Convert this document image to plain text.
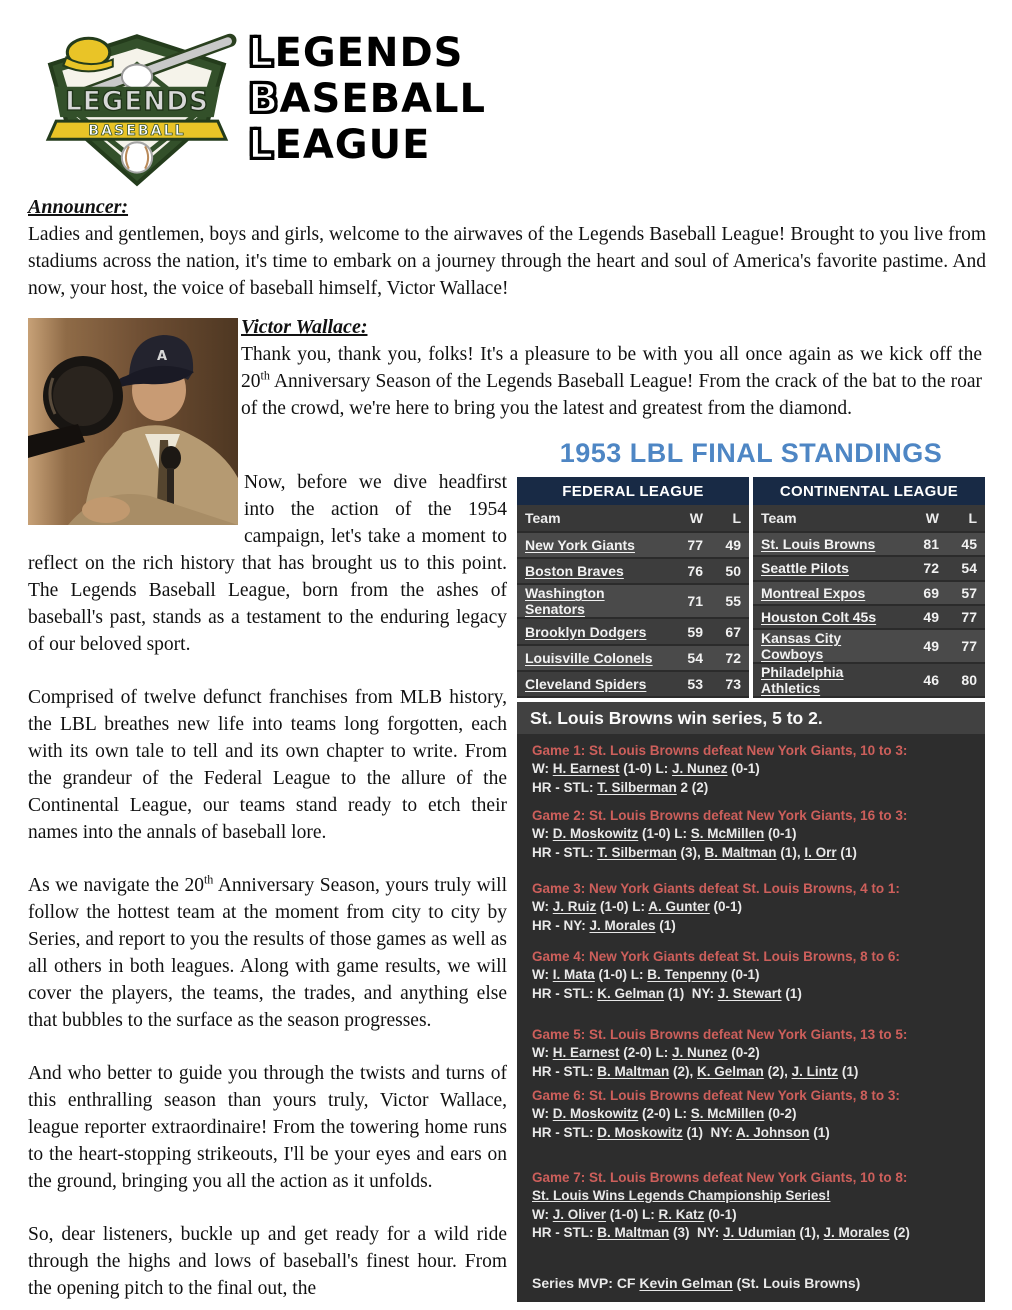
LEGENDS
BASEBALL
LEGENDS
BASEBALL
LEAGUE
Announcer:

Ladies and gentlemen, boys and girls, welcome to the airwaves of the Legends Baseball League! Brought to you live from stadiums across the nation, it's time to embark on a journey through the heart and soul of America's favorite pastime. And now, your host, the voice of baseball himself, Victor Wallace!

A
Victor Wallace:

Thank you, thank you, folks! It's a pleasure to be with you all once again as we kick off the 20th Anniversary Season of the Legends Baseball League! From the crack of the bat to the roar of the crowd, we're here to bring you the latest and greatest from the diamond.

Now, before we dive headfirst into the action of the 1954 campaign, let's take a moment to reflect on the rich history that has brought us to this point. The Legends Baseball League, born from the ashes of baseball's past, stands as a testament to the enduring legacy of our beloved sport.

Comprised of twelve defunct franchises from MLB history, the LBL breathes new life into teams long forgotten, each with its own tale to tell and its own chapter to write. From the grandeur of the Federal League to the allure of the Continental League, our teams stand ready to etch their names into the annals of baseball lore.

As we navigate the 20th Anniversary Season, yours truly will follow the hottest team at the moment from city to city by Series, and report to you the results of those games as well as all others in both leagues. Along with game results, we will cover the players, the teams, the trades, and anything else that bubbles to the surface as the season progresses.

And who better to guide you through the twists and turns of this enthralling season than yours truly, Victor Wallace, league reporter extraordinaire! From the towering home runs to the heart-stopping strikeouts, I'll be your eyes and ears on the ground, bringing you all the action as it unfolds.

So, dear listeners, buckle up and get ready for a wild ride through the highs and lows of baseball's finest hour. From the opening pitch to the final out, the

1953 LBL FINAL STANDINGS
FEDERAL LEAGUE
Team	W	L
New York Giants	77	49
Boston Braves	76	50
Washington Senators	71	55
Brooklyn Dodgers	59	67
Louisville Colonels	54	72
Cleveland Spiders	53	73
CONTINENTAL LEAGUE
Team	W	L
St. Louis Browns	81	45
Seattle Pilots	72	54
Montreal Expos	69	57
Houston Colt 45s	49	77
Kansas City Cowboys	49	77
Philadelphia Athletics	46	80
St. Louis Browns win series, 5 to 2.
Game 1: St. Louis Browns defeat New York Giants, 10 to 3:
W: H. Earnest (1-0) L: J. Nunez (0-1)
HR - STL: T. Silberman 2 (2)
Game 2: St. Louis Browns defeat New York Giants, 16 to 3:
W: D. Moskowitz (1-0) L: S. McMillen (0-1)
HR - STL: T. Silberman (3), B. Maltman (1), I. Orr (1)
Game 3: New York Giants defeat St. Louis Browns, 4 to 1:
W: J. Ruiz (1-0) L: A. Gunter (0-1)
HR - NY: J. Morales (1)
Game 4: New York Giants defeat St. Louis Browns, 8 to 6:
W: I. Mata (1-0) L: B. Tenpenny (0-1)
HR - STL: K. Gelman (1)  NY: J. Stewart (1)
Game 5: St. Louis Browns defeat New York Giants, 13 to 5:
W: H. Earnest (2-0) L: J. Nunez (0-2)
HR - STL: B. Maltman (2), K. Gelman (2), J. Lintz (1)
Game 6: St. Louis Browns defeat New York Giants, 8 to 3:
W: D. Moskowitz (2-0) L: S. McMillen (0-2)
HR - STL: D. Moskowitz (1)  NY: A. Johnson (1)
Game 7: St. Louis Browns defeat New York Giants, 10 to 8:
St. Louis Wins Legends Championship Series!
W: J. Oliver (1-0) L: R. Katz (0-1)
HR - STL: B. Maltman (3)  NY: J. Udumian (1), J. Morales (2)
Series MVP: CF Kevin Gelman (St. Louis Browns)
